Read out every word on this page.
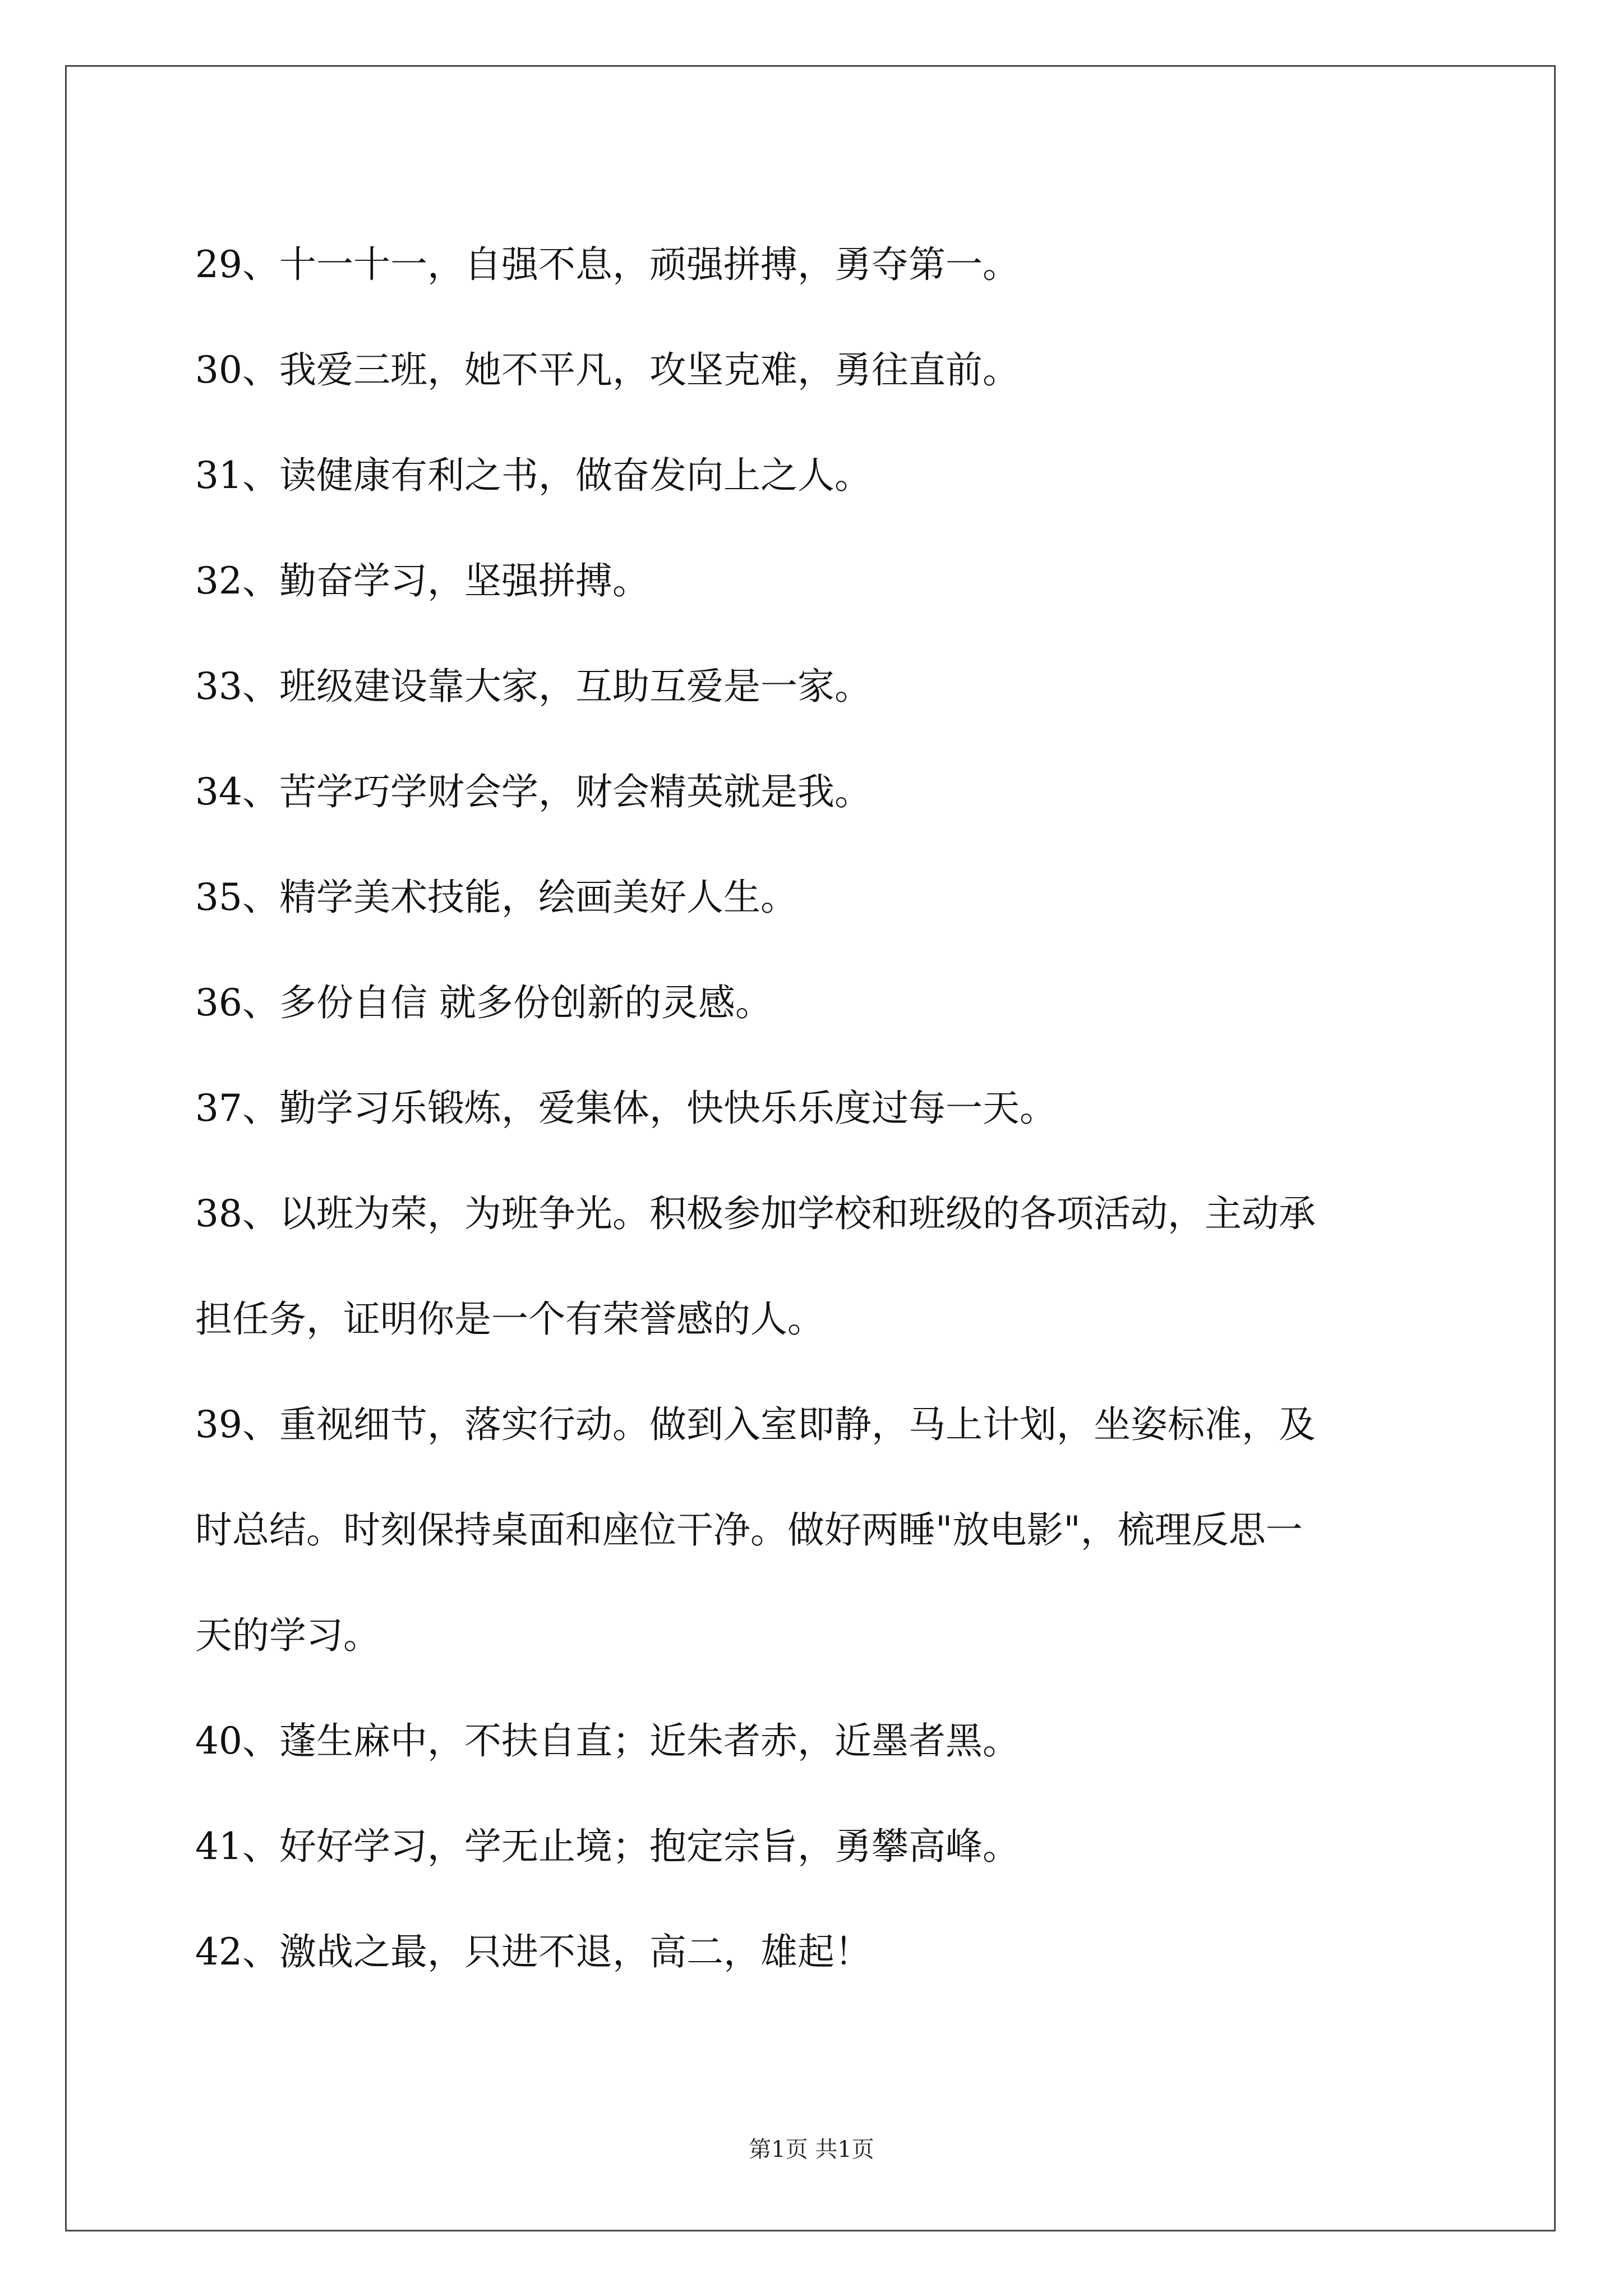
29、十一十一，自强不息，顽强拼搏，勇夺第一。
30、我爱三班，她不平凡，攻坚克难，勇往直前。
31、读健康有利之书，做奋发向上之人。
32、勤奋学习，坚强拼搏。
33、班级建设靠大家，互助互爱是一家。
34、苦学巧学财会学，财会精英就是我。
35、精学美术技能，绘画美好人生。
36、多份自信 就多份创新的灵感。
37、勤学习乐锻炼，爱集体，快快乐乐度过每一天。
38、以班为荣，为班争光。积极参加学校和班级的各项活动，主动承
担任务，证明你是一个有荣誉感的人。
39、重视细节，落实行动。做到入室即静，马上计划，坐姿标准，及
时总结。时刻保持桌面和座位干净。做好两睡"放电影"，梳理反思一
天的学习。
40、蓬生麻中，不扶自直；近朱者赤，近墨者黑。
41、好好学习，学无止境；抱定宗旨，勇攀高峰。
42、激战之最，只进不退，高二，雄起！
第1页 共1页
